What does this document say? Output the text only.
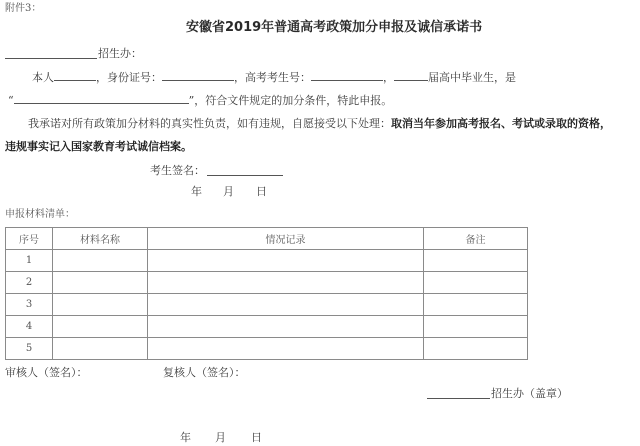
附件3：
安徽省2019年普通高考政策加分申报及诚信承诺书
招生办：
本人	，身份证号：	，高考考生号：	，	届高中毕业生，是
“	”，符合文件规定的加分条件，特此申报。
我承诺对所有政策加分材料的真实性负责，如有违规，自愿接受以下处理：取消当年参加高考报名、考试或录取的资格，
违规事实记入国家教育考试诚信档案。
考生签名：
年 月 日
申报材料清单：
序号	材料名称	情况记录	备注
1			
2			
3			
4			
5			
审核人（签名）：	复核人（签名）：
招生办（盖章）
年 月 日
